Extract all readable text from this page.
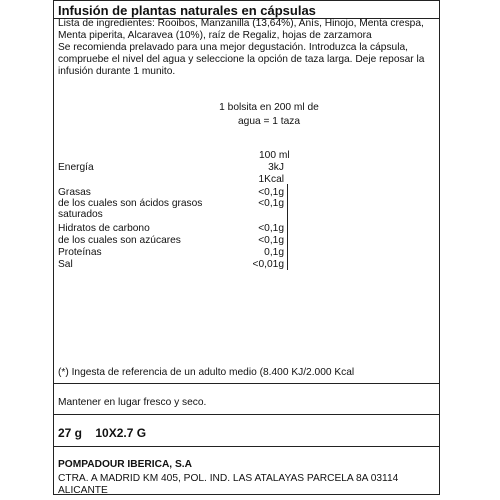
Infusión de plantas naturales en cápsulas
Lista de ingredientes: Rooibos, Manzanilla (13,64%), Anís, Hinojo, Menta crespa,
Menta piperita, Alcaravea (10%), raíz de Regaliz, hojas de zarzamora
Se recomienda prelavado para una mejor degustación. Introduzca la cápsula,
compruebe el nivel del agua y seleccione la opción de taza larga. Deje reposar la
infusión durante 1 munito.
1 bolsita en 200 ml de
agua = 1 taza
100 ml
Energía
Grasas
de los cuales son ácidos grasos
saturados
Hidratos de carbono
de los cuales son azúcares
Proteínas
Sal
3kJ
1Kcal
<0,1g
<0,1g
<0,1g
<0,1g
0,1g
<0,01g
(*) Ingesta de referencia de un adulto medio (8.400 KJ/2.000 Kcal
Mantener en lugar fresco y seco.
27 g    10X2.7 G
POMPADOUR IBERICA, S.A
CTRA. A MADRID KM 405, POL. IND. LAS ATALAYAS PARCELA 8A 03114
ALICANTE
